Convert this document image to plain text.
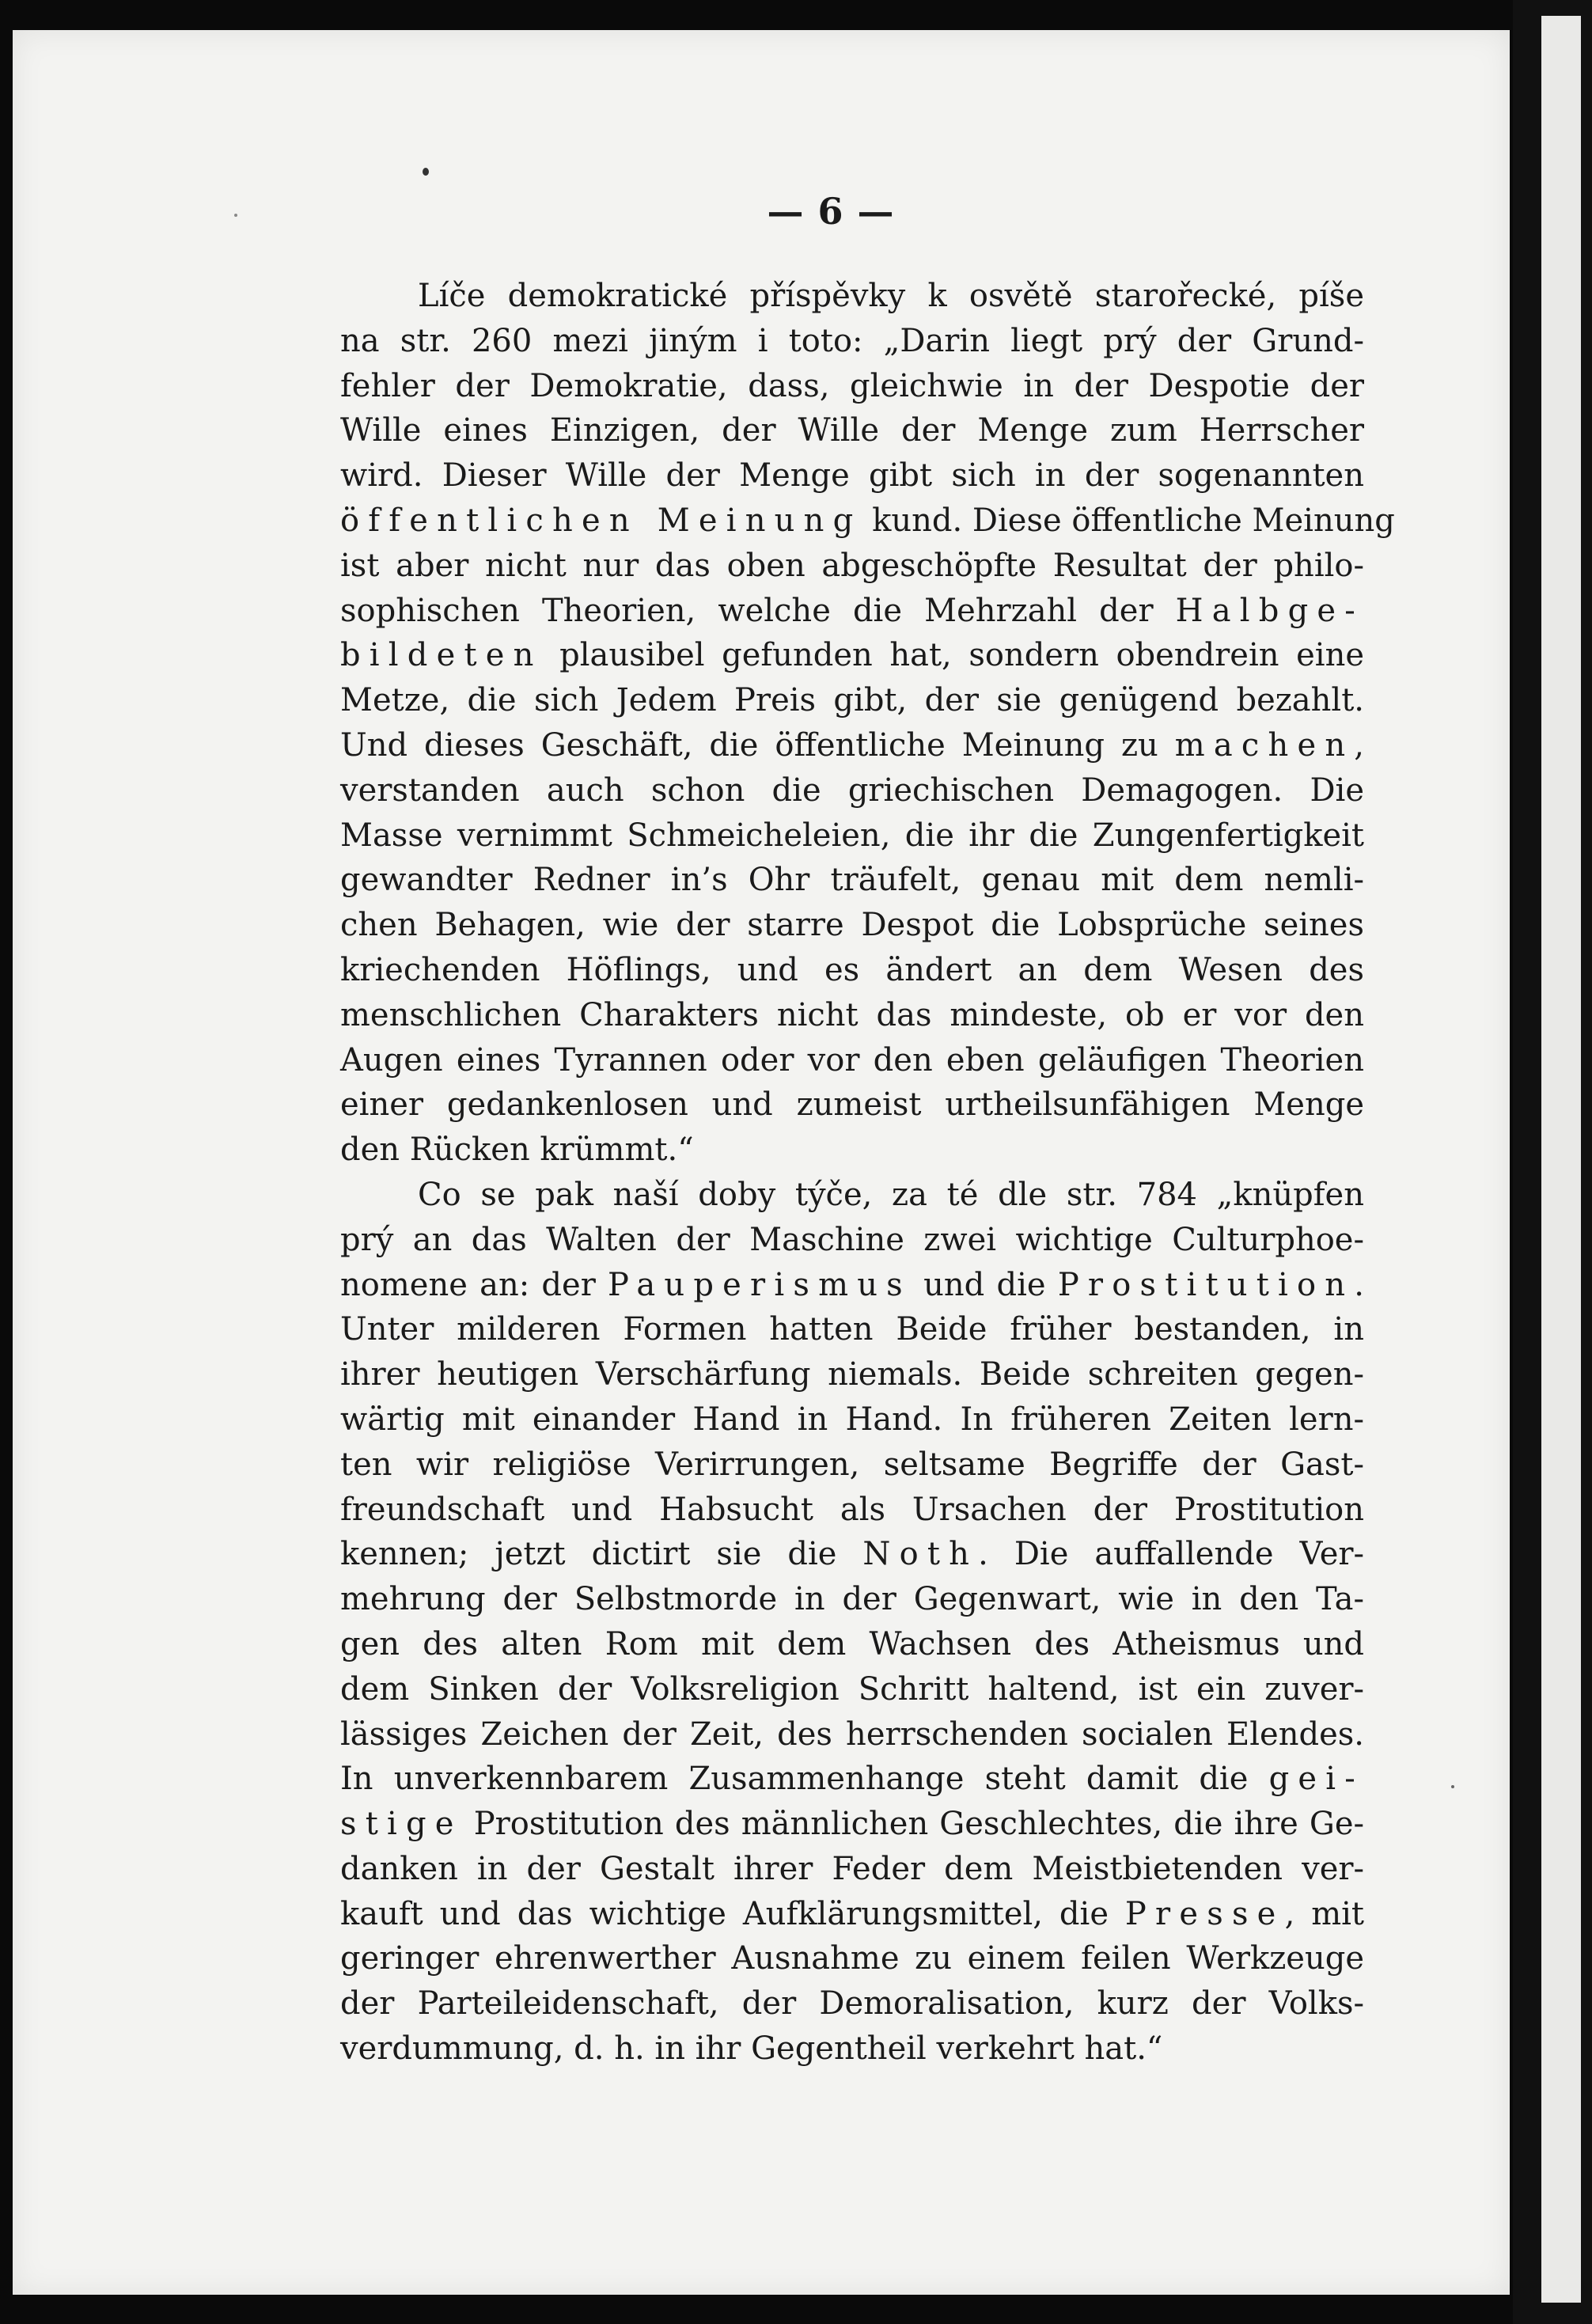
— 6 —
Líče demokratické příspěvky k osvětě starořecké, píše
na str. 260 mezi jiným i toto: „Darin liegt prý der Grund-
fehler der Demokratie, dass, gleichwie in der Despotie der
Wille eines Einzigen, der Wille der Menge zum Herrscher
wird. Dieser Wille der Menge gibt sich in der sogenannten
öffentlichen Meinung kund. Diese öffentliche Meinung
ist aber nicht nur das oben abgeschöpfte Resultat der philo-
sophischen Theorien, welche die Mehrzahl der Halbge-
bildeten plausibel gefunden hat, sondern obendrein eine
Metze, die sich Jedem Preis gibt, der sie genügend bezahlt.
Und dieses Geschäft, die öffentliche Meinung zu machen,
verstanden auch schon die griechischen Demagogen. Die
Masse vernimmt Schmeicheleien, die ihr die Zungenfertigkeit
gewandter Redner in’s Ohr träufelt, genau mit dem nemli-
chen Behagen, wie der starre Despot die Lobsprüche seines
kriechenden Höflings, und es ändert an dem Wesen des
menschlichen Charakters nicht das mindeste, ob er vor den
Augen eines Tyrannen oder vor den eben geläufigen Theorien
einer gedankenlosen und zumeist urtheilsunfähigen Menge
den Rücken krümmt.“
Co se pak naší doby týče, za té dle str. 784 „knüpfen
prý an das Walten der Maschine zwei wichtige Culturphoe-
nomene an: der Pauperismus und die Prostitution.
Unter milderen Formen hatten Beide früher bestanden, in
ihrer heutigen Verschärfung niemals. Beide schreiten gegen-
wärtig mit einander Hand in Hand. In früheren Zeiten lern-
ten wir religiöse Verirrungen, seltsame Begriffe der Gast-
freundschaft und Habsucht als Ursachen der Prostitution
kennen; jetzt dictirt sie die Noth. Die auffallende Ver-
mehrung der Selbstmorde in der Gegenwart, wie in den Ta-
gen des alten Rom mit dem Wachsen des Atheismus und
dem Sinken der Volksreligion Schritt haltend, ist ein zuver-
lässiges Zeichen der Zeit, des herrschenden socialen Elendes.
In unverkennbarem Zusammenhange steht damit die gei-
stige Prostitution des männlichen Geschlechtes, die ihre Ge-
danken in der Gestalt ihrer Feder dem Meistbietenden ver-
kauft und das wichtige Aufklärungsmittel, die Presse, mit
geringer ehrenwerther Ausnahme zu einem feilen Werkzeuge
der Parteileidenschaft, der Demoralisation, kurz der Volks-
verdummung, d. h. in ihr Gegentheil verkehrt hat.“
